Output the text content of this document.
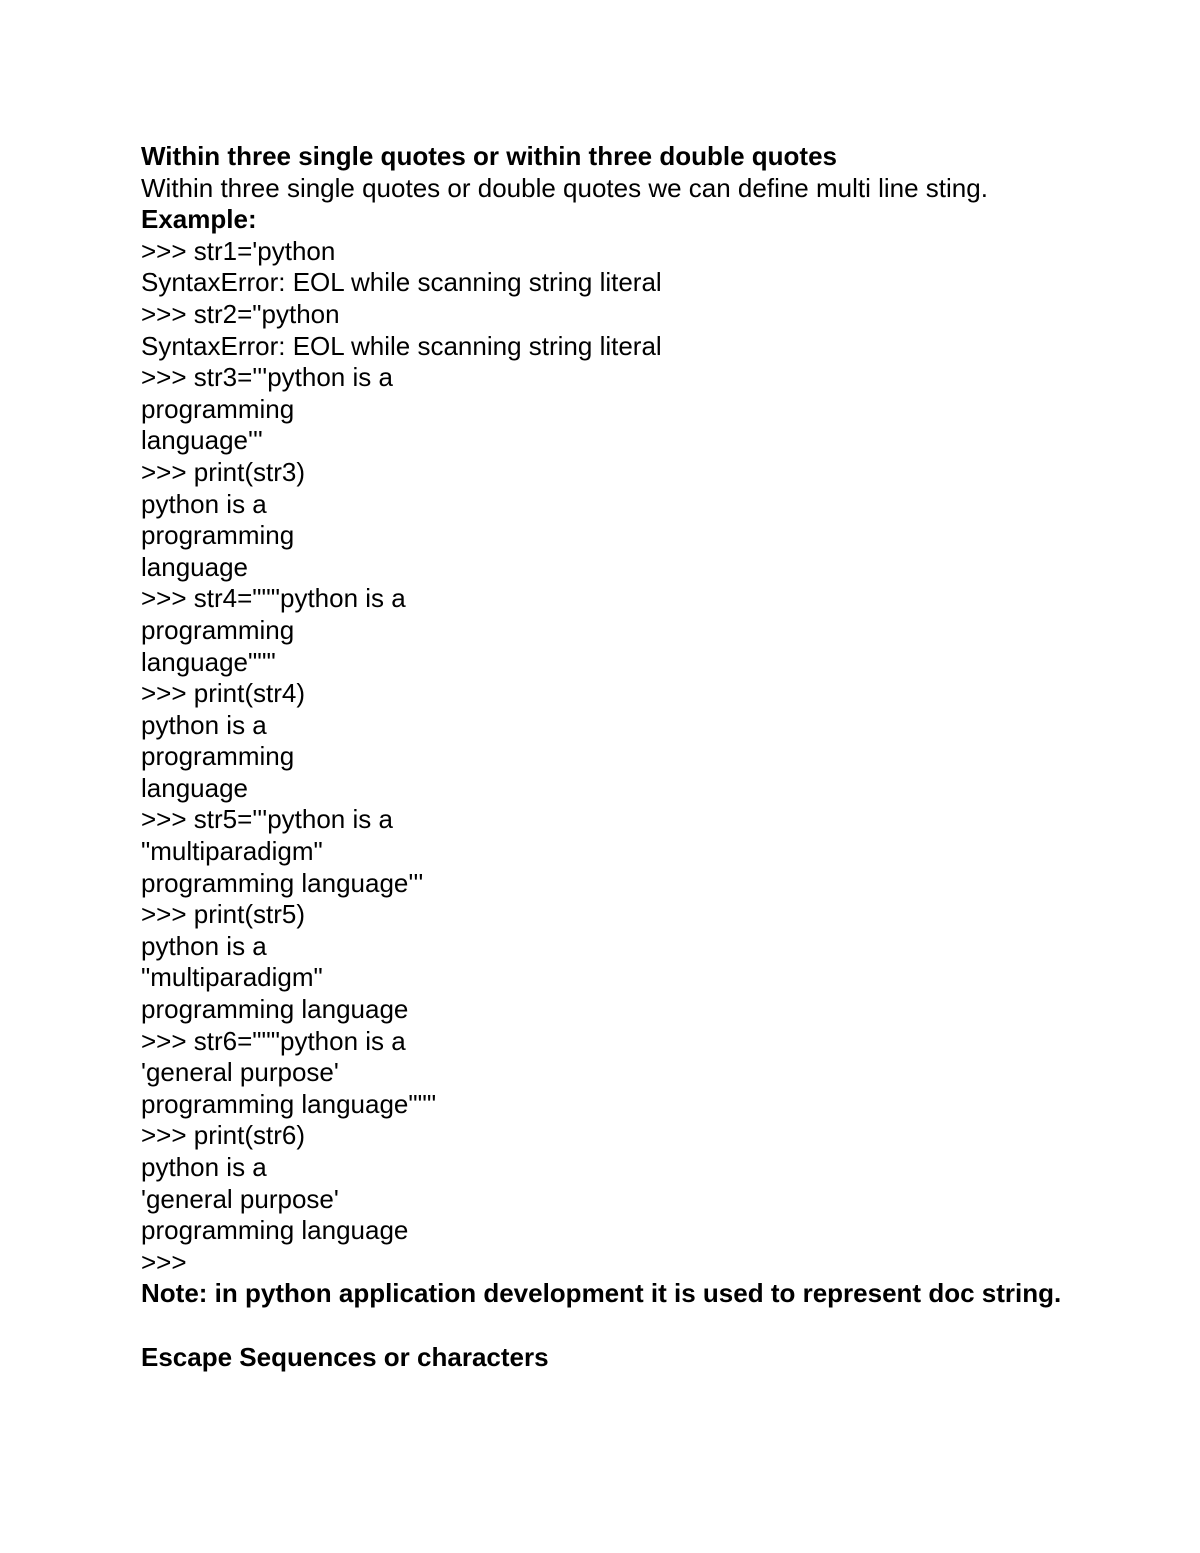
Within three single quotes or within three double quotes

Within three single quotes or double quotes we can define multi line sting.

Example:

>>> str1='python

SyntaxError: EOL while scanning string literal

>>> str2="python

SyntaxError: EOL while scanning string literal

>>> str3='''python is a

programming

language'''

>>> print(str3)

python is a

programming

language

>>> str4="""python is a

programming

language"""

>>> print(str4)

python is a

programming

language

>>> str5='''python is a

"multiparadigm"

programming language'''

>>> print(str5)

python is a

"multiparadigm"

programming language

>>> str6="""python is a

'general purpose'

programming language"""

>>> print(str6)

python is a

'general purpose'

programming language

>>>

Note: in python application development it is used to represent doc string.

Escape Sequences or characters
